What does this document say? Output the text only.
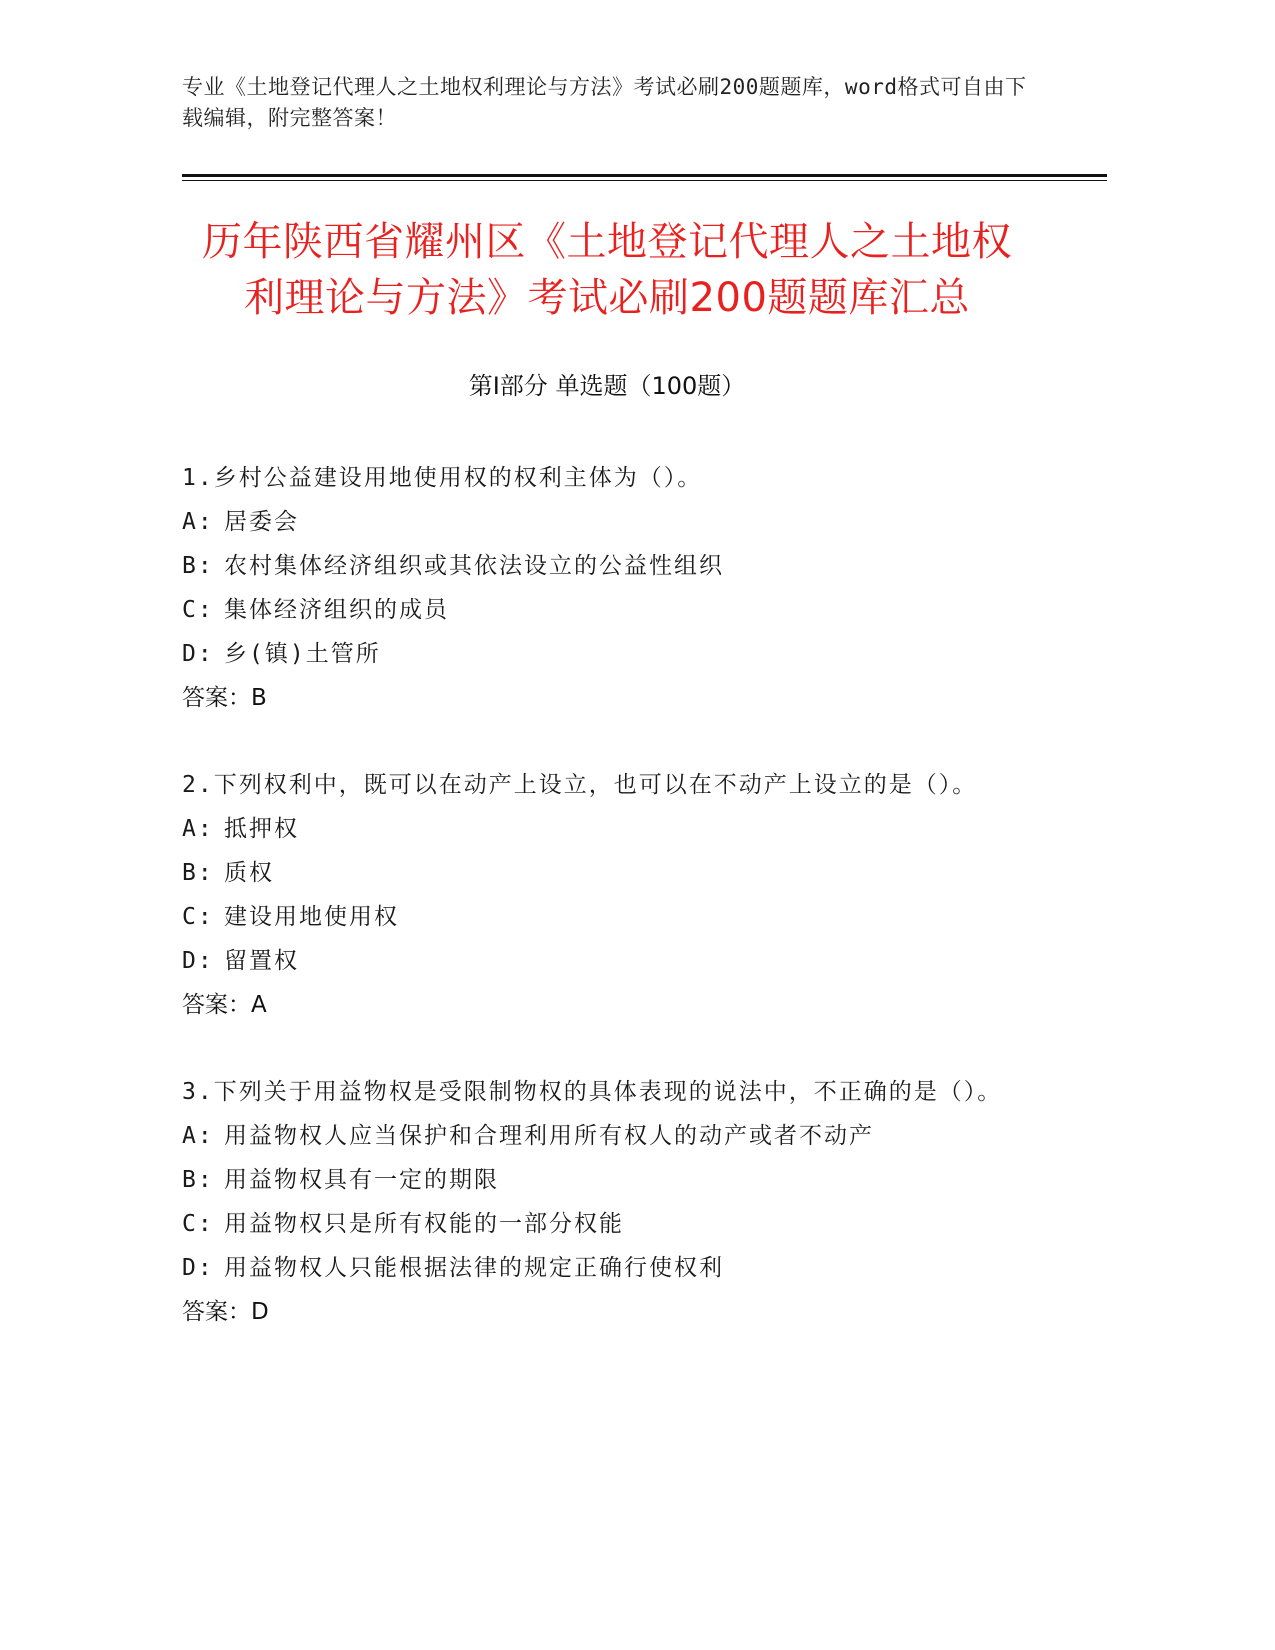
专业《土地登记代理人之土地权利理论与方法》考试必刷200题题库，word格式可自由下载编辑，附完整答案！
历年陕西省耀州区《土地登记代理人之土地权利理论与方法》考试必刷200题题库汇总
第Ⅰ部分 单选题（100题）
1.乡村公益建设用地使用权的权利主体为（）。
A: 居委会
B: 农村集体经济组织或其依法设立的公益性组织
C: 集体经济组织的成员
D: 乡(镇)土管所
答案：B
2.下列权利中，既可以在动产上设立，也可以在不动产上设立的是（）。
A: 抵押权
B: 质权
C: 建设用地使用权
D: 留置权
答案：A
3.下列关于用益物权是受限制物权的具体表现的说法中，不正确的是（）。
A: 用益物权人应当保护和合理利用所有权人的动产或者不动产
B: 用益物权具有一定的期限
C: 用益物权只是所有权能的一部分权能
D: 用益物权人只能根据法律的规定正确行使权利
答案：D
